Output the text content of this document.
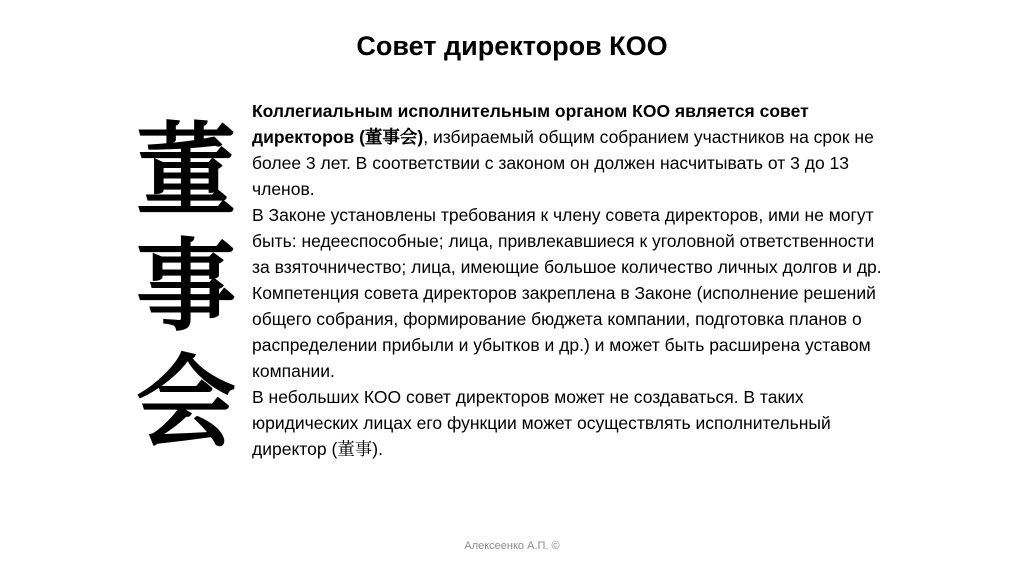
Совет директоров КОО
董
事
会

Коллегиальным исполнительным органом КОО является совет директоров (董事会), избираемый общим собранием участников на срок не более 3 лет. В соответствии с законом он должен насчитывать от 3 до 13 членов.

В Законе установлены требования к члену совета директоров, ими не могут быть: недееспособные; лица, привлекавшиеся к уголовной ответственности за взяточничество; лица, имеющие большое количество личных долгов и др.

Компетенция совета директоров закреплена в Законе (исполнение решений общего собрания, формирование бюджета компании, подготовка планов о распределении прибыли и убытков и др.) и может быть расширена уставом компании.

В небольших КОО совет директоров может не создаваться. В таких юридических лицах его функции может осуществлять исполнительный директор (董事).

Алексеенко А.П. ©
